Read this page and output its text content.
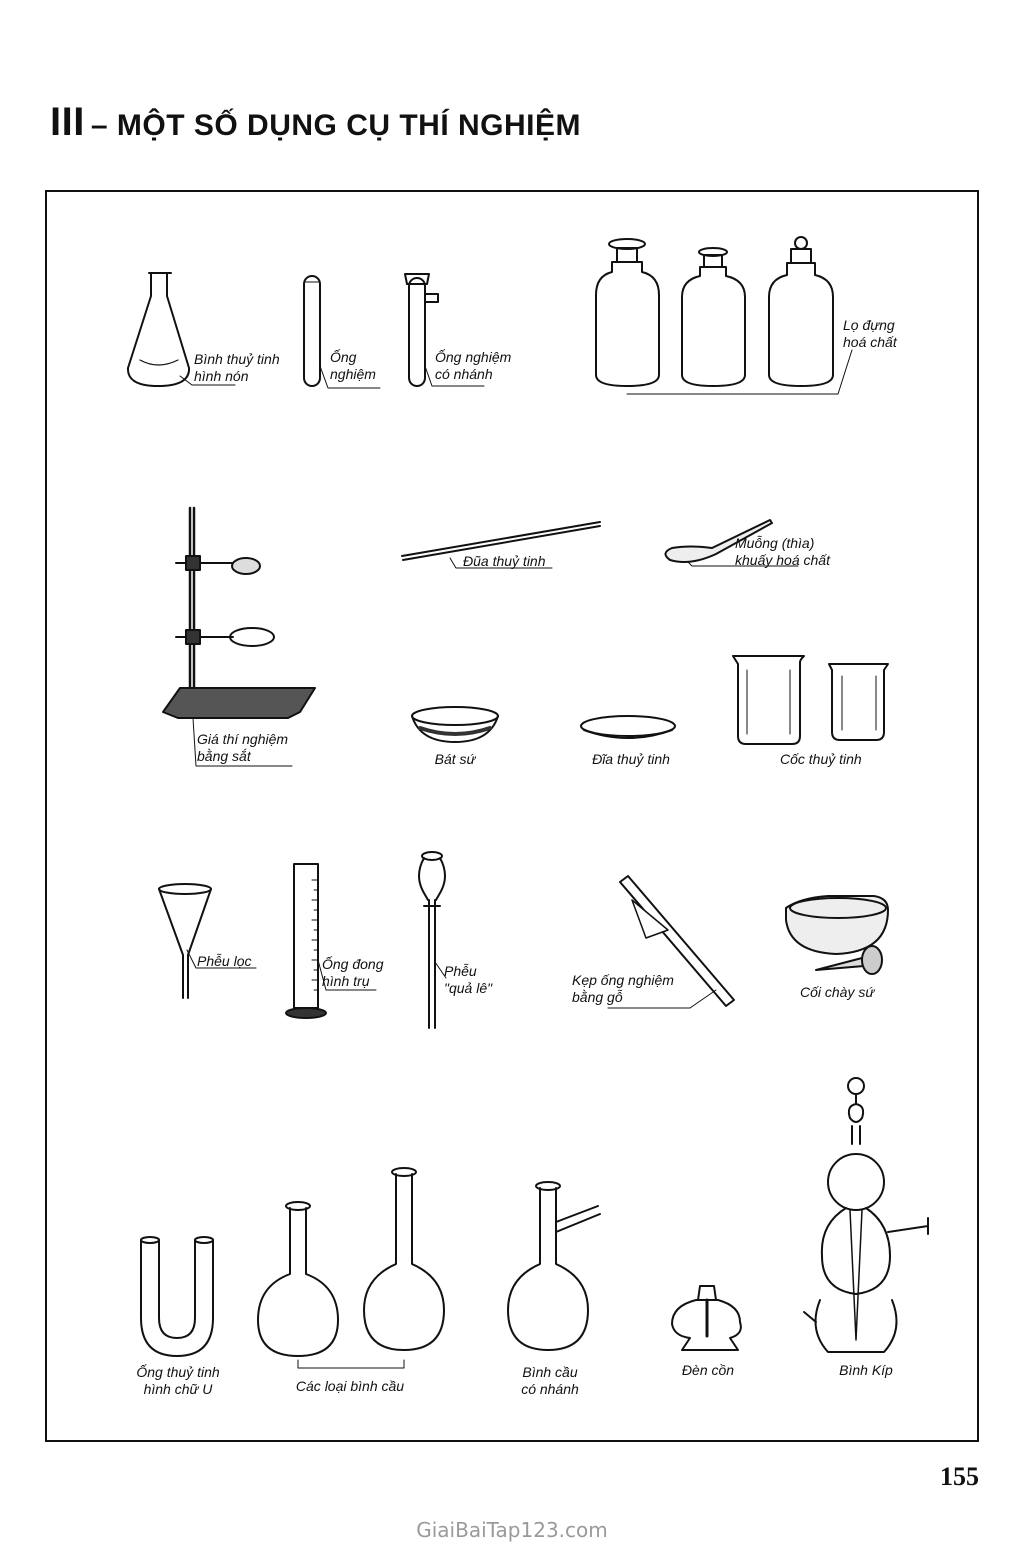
III – MỘT SỐ DỤNG CỤ THÍ NGHIỆM
Bình thuỷ tinh
hình nón
Ống
nghiệm
Ống nghiệm
có nhánh
Lọ đựng
hoá chất
Giá thí nghiệm
bằng sắt
Đũa thuỷ tinh
Muỗng (thìa)
khuấy hoá chất
Bát sứ	Đĩa thuỷ tinh	Cốc thuỷ tinh
Phễu lọc	Ống đong
hình trụ
Phễu
"quả lê"	Kẹp ống nghiệm
bằng gỗ	Cối chày sứ
Ống thuỷ tinh
hình chữ U	Các loại bình cầu
Bình cầu
có nhánh
Đèn cồn	Bình Kíp
155
GiaiBaiTap123.com
